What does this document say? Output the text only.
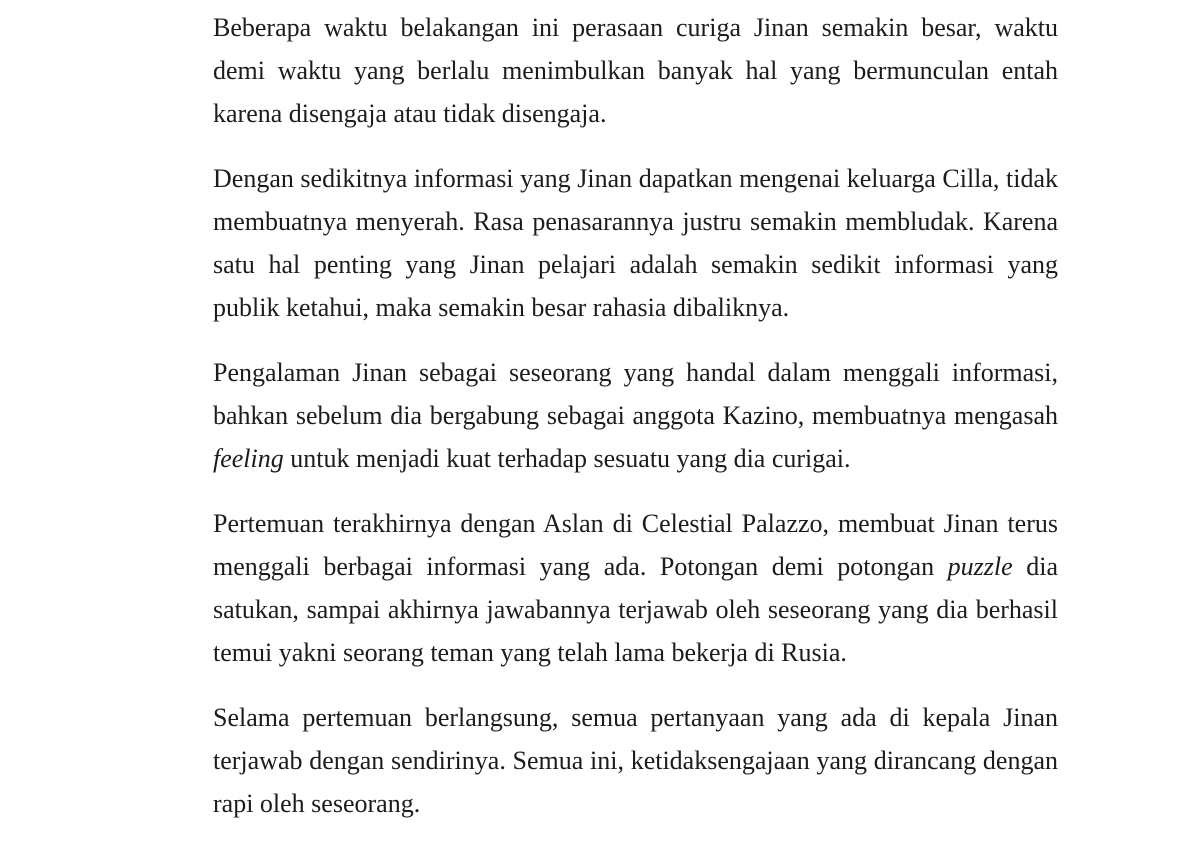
Beberapa waktu belakangan ini perasaan curiga Jinan semakin besar, waktu demi waktu yang berlalu menimbulkan banyak hal yang bermunculan entah karena disengaja atau tidak disengaja.

Dengan sedikitnya informasi yang Jinan dapatkan mengenai keluarga Cilla, tidak membuatnya menyerah. Rasa penasarannya justru semakin membludak. Karena satu hal penting yang Jinan pelajari adalah semakin sedikit informasi yang publik ketahui, maka semakin besar rahasia dibaliknya.

Pengalaman Jinan sebagai seseorang yang handal dalam menggali informasi, bahkan sebelum dia bergabung sebagai anggota Kazino, membuatnya mengasah feeling untuk menjadi kuat terhadap sesuatu yang dia curigai.

Pertemuan terakhirnya dengan Aslan di Celestial Palazzo, membuat Jinan terus menggali berbagai informasi yang ada. Potongan demi potongan puzzle dia satukan, sampai akhirnya jawabannya terjawab oleh seseorang yang dia berhasil temui yakni seorang teman yang telah lama bekerja di Rusia.

Selama pertemuan berlangsung, semua pertanyaan yang ada di kepala Jinan terjawab dengan sendirinya. Semua ini, ketidaksengajaan yang dirancang dengan rapi oleh seseorang.
